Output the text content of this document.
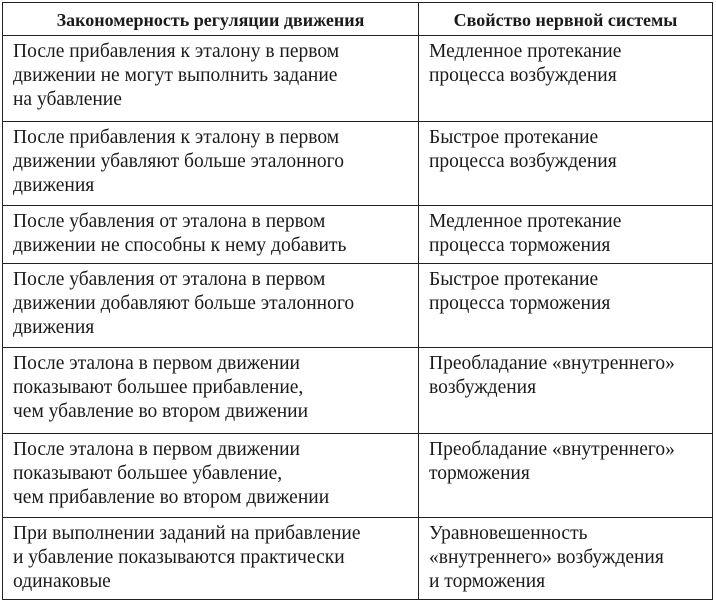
Закономерность регуляции движения	Свойство нервной системы

После прибавления к эталону в первом
движении не могут выполнить задание
на убавление	Медленное протекание
процесса возбуждения

После прибавления к эталону в первом
движении убавляют больше эталонного
движения	Быстрое протекание
процесса возбуждения

После убавления от эталона в первом
движении не способны к нему добавить	Медленное протекание
процесса торможения

После убавления от эталона в первом
движении добавляют больше эталонного
движения	Быстрое протекание
процесса торможения

После эталона в первом движении
показывают большее прибавление,
чем убавление во втором движении	Преобладание «внутреннего»
возбуждения

После эталона в первом движении
показывают большее убавление,
чем прибавление во втором движении	Преобладание «внутреннего»
торможения

При выполнении заданий на прибавление
и убавление показываются практически
одинаковые	Уравновешенность
«внутреннего» возбуждения
и торможения
